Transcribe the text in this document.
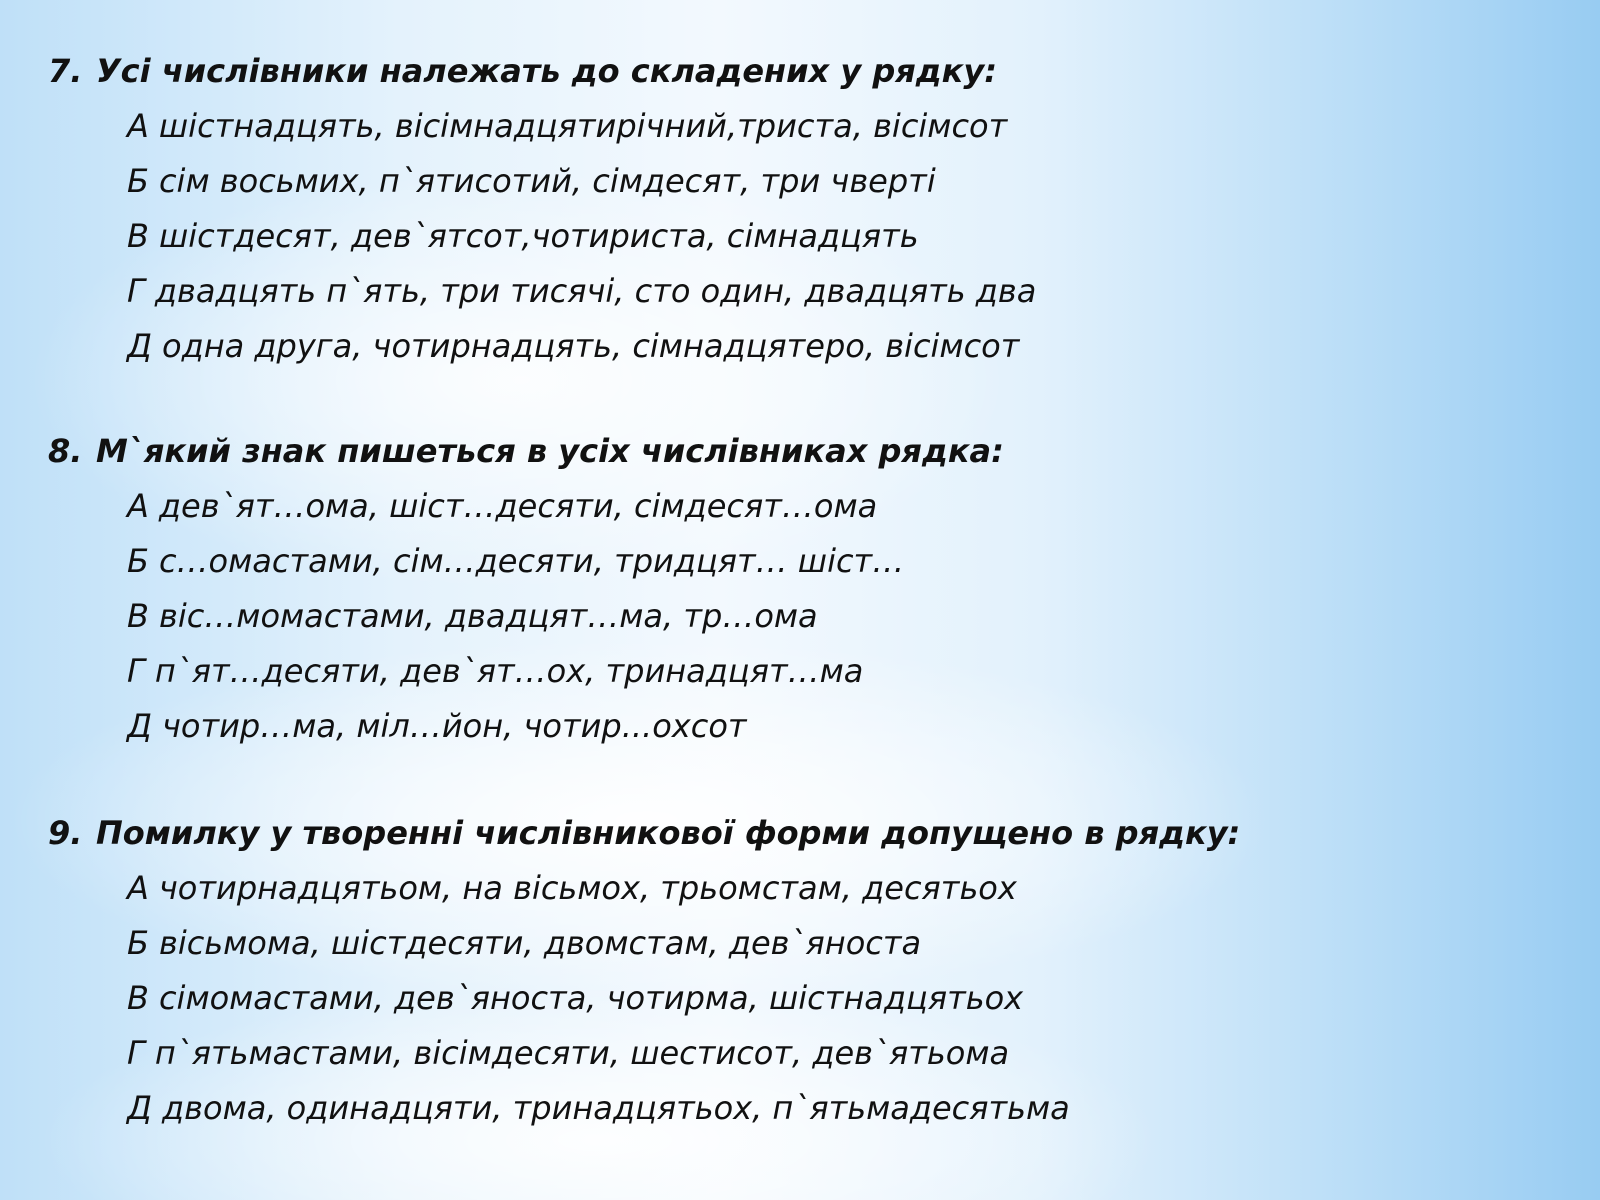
7. Усі числівники належать до складених у рядку:
А шістнадцять, вісімнадцятирічний,триста, вісімсот
Б сім восьмих, п`ятисотий, сімдесят, три чверті
В шістдесят, дев`ятсот,чотириста, сімнадцять
Г двадцять п`ять, три тисячі, сто один, двадцять два
Д одна друга, чотирнадцять, сімнадцятеро, вісімсот
8. М`який знак пишеться в усіх числівниках рядка:
А дев`ят…ома, шіст…десяти, сімдесят…ома
Б с…омастами, сім…десяти, тридцят… шіст…
В віс…момастами, двадцят…ма, тр…ома
Г п`ят…десяти, дев`ят…ох, тринадцят…ма
Д чотир…ма, міл…йон, чотир...охсот
9. Помилку у творенні числівникової форми допущено в рядку:
А чотирнадцятьом, на вісьмох, трьомстам, десятьох
Б вісьмома, шістдесяти, двомстам, дев`яноста
В сімомастами, дев`яноста, чотирма, шістнадцятьох
Г п`ятьмастами, вісімдесяти, шестисот, дев`ятьома
Д двома, одинадцяти, тринадцятьох, п`ятьмадесятьма
